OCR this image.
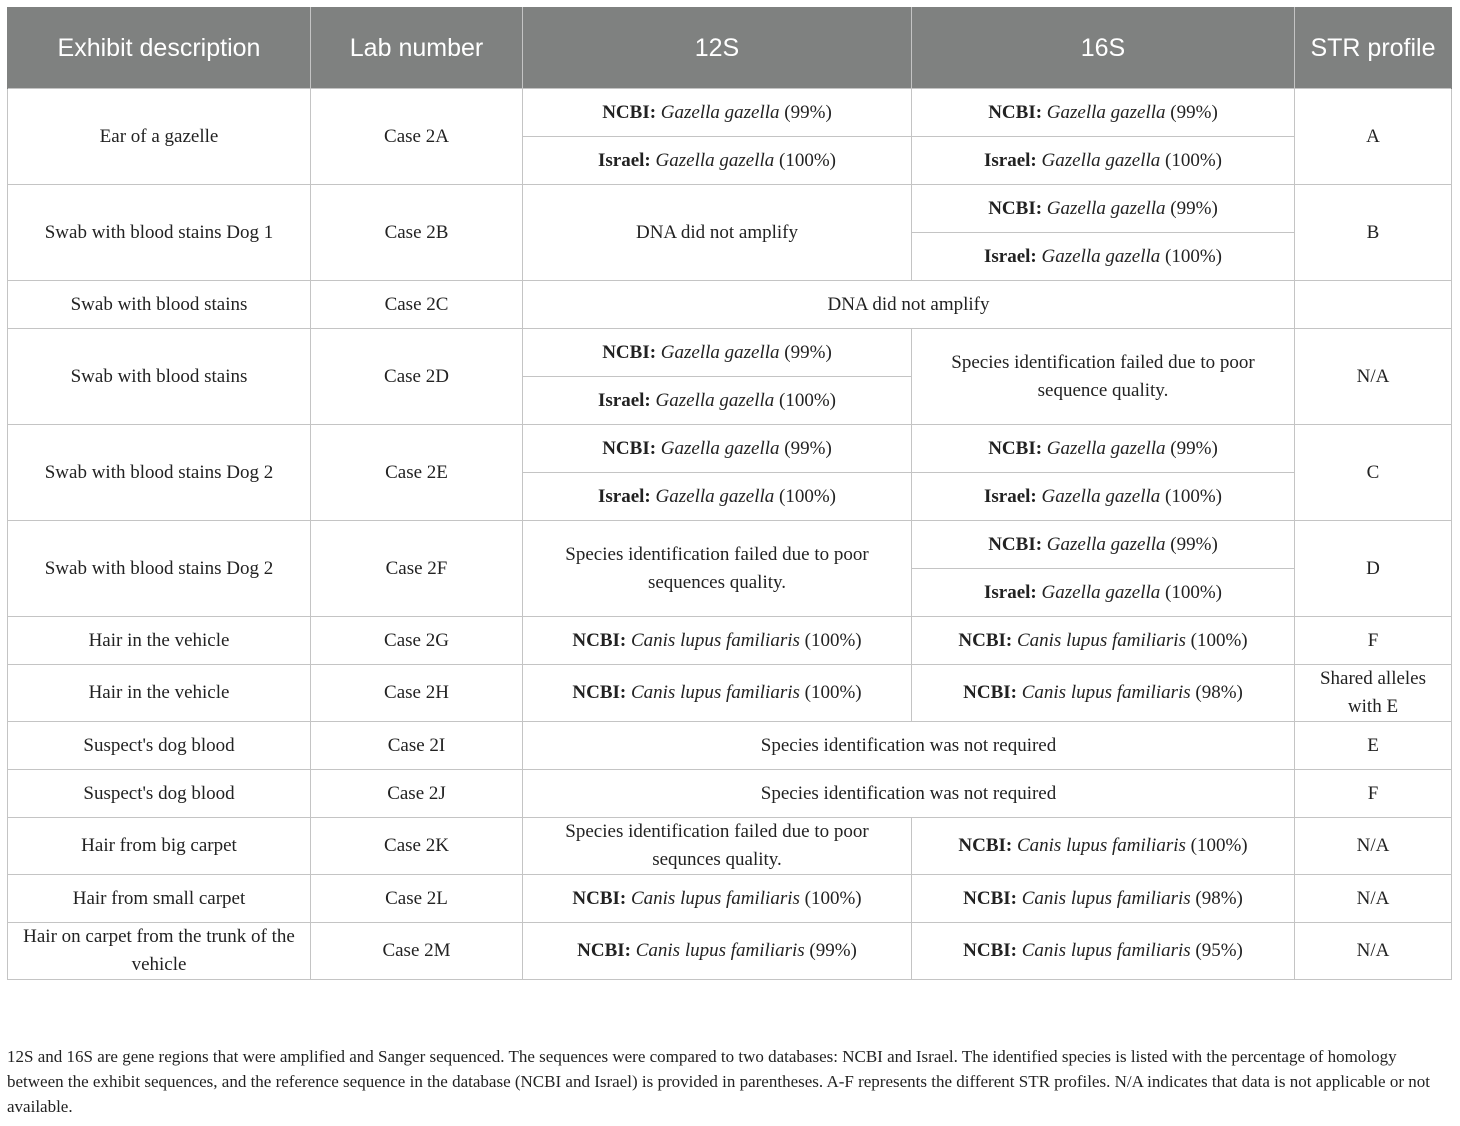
Exhibit description	Lab number	12S	16S	STR profile
Ear of a gazelle	Case 2A	NCBI: Gazella gazella (99%)	NCBI: Gazella gazella (99%)	A
		Israel: Gazella gazella (100%)	Israel: Gazella gazella (100%)	
Swab with blood stains Dog 1	Case 2B	DNA did not amplify	NCBI: Gazella gazella (99%)	B
			Israel: Gazella gazella (100%)	
Swab with blood stains	Case 2C	DNA did not amplify		
Swab with blood stains	Case 2D	NCBI: Gazella gazella (99%)	Species identification failed due to poor sequence quality.	N/A
		Israel: Gazella gazella (100%)		
Swab with blood stains Dog 2	Case 2E	NCBI: Gazella gazella (99%)	NCBI: Gazella gazella (99%)	C
		Israel: Gazella gazella (100%)	Israel: Gazella gazella (100%)	
Swab with blood stains Dog 2	Case 2F	Species identification failed due to poor sequences quality.	NCBI: Gazella gazella (99%)	D
			Israel: Gazella gazella (100%)	
Hair in the vehicle	Case 2G	NCBI: Canis lupus familiaris (100%)	NCBI: Canis lupus familiaris (100%)	F
Hair in the vehicle	Case 2H	NCBI: Canis lupus familiaris (100%)	NCBI: Canis lupus familiaris (98%)	Shared alleles with E
Suspect's dog blood	Case 2I	Species identification was not required		E
Suspect's dog blood	Case 2J	Species identification was not required		F
Hair from big carpet	Case 2K	Species identification failed due to poor sequnces quality.	NCBI: Canis lupus familiaris (100%)	N/A
Hair from small carpet	Case 2L	NCBI: Canis lupus familiaris (100%)	NCBI: Canis lupus familiaris (98%)	N/A
Hair on carpet from the trunk of the vehicle	Case 2M	NCBI: Canis lupus familiaris (99%)	NCBI: Canis lupus familiaris (95%)	N/A
12S and 16S are gene regions that were amplified and Sanger sequenced. The sequences were compared to two databases: NCBI and Israel. The identified species is listed with the percentage of homology between the exhibit sequences, and the reference sequence in the database (NCBI and Israel) is provided in parentheses. A-F represents the different STR profiles. N/A indicates that data is not applicable or not available.
